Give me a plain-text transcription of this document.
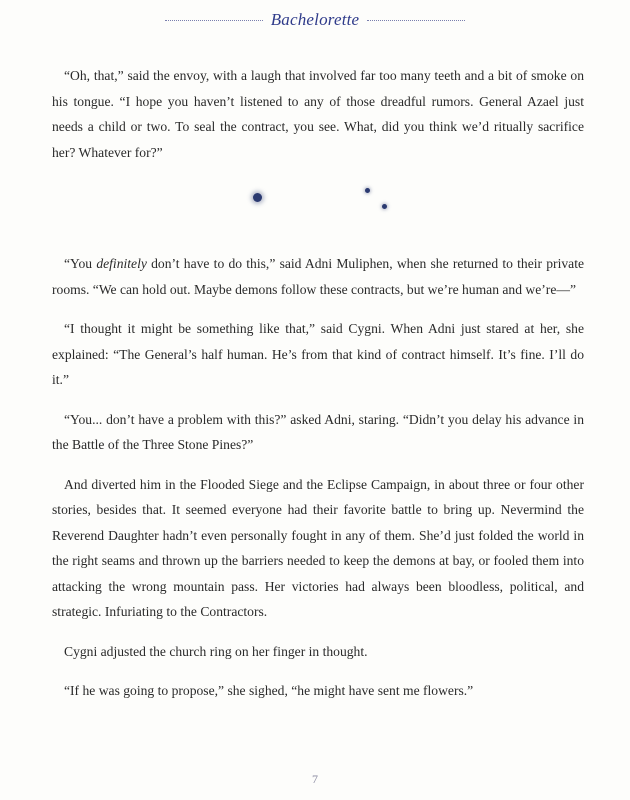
Bachelorette

“Oh, that,” said the envoy, with a laugh that involved far too many teeth and a bit of smoke on his tongue. “I hope you haven’t listened to any of those dreadful rumors. General Azael just needs a child or two. To seal the contract, you see. What, did you think we’d ritually sacrifice her? Whatever for?”

“You definitely don’t have to do this,” said Adni Muliphen, when she returned to their private rooms. “We can hold out. Maybe demons follow these contracts, but we’re human and we’re—”

“I thought it might be something like that,” said Cygni. When Adni just stared at her, she explained: “The General’s half human. He’s from that kind of contract himself. It’s fine. I’ll do it.”

“You... don’t have a problem with this?” asked Adni, staring. “Didn’t you delay his advance in the Battle of the Three Stone Pines?”

And diverted him in the Flooded Siege and the Eclipse Campaign, in about three or four other stories, besides that. It seemed everyone had their favorite battle to bring up. Nevermind the Reverend Daughter hadn’t even personally fought in any of them. She’d just folded the world in the right seams and thrown up the barriers needed to keep the demons at bay, or fooled them into attacking the wrong mountain pass. Her victories had always been bloodless, political, and strategic. Infuriating to the Contractors.

Cygni adjusted the church ring on her finger in thought.

“If he was going to propose,” she sighed, “he might have sent me flowers.”

7
